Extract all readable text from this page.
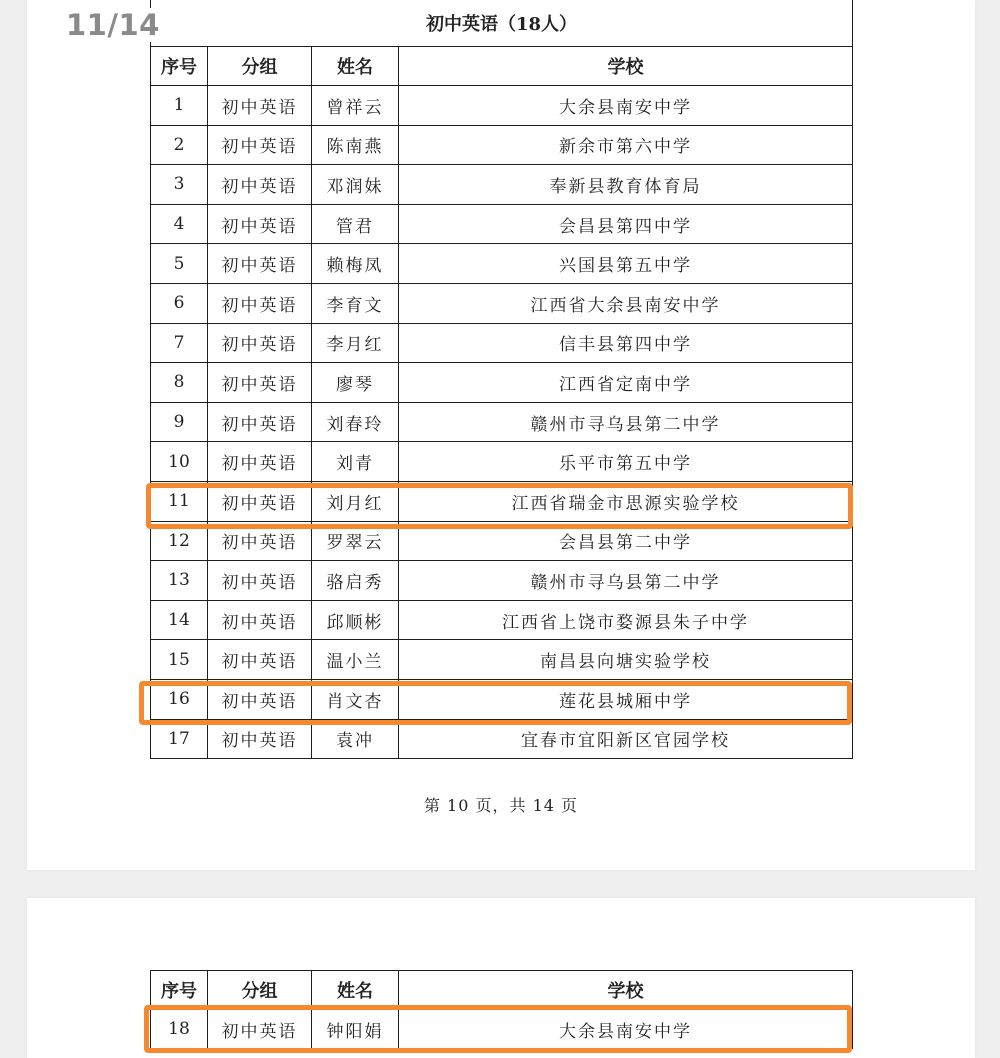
11/14	初中英语（18人）			
序号	分组	姓名	学校
1	初中英语	曾祥云	大余县南安中学
2	初中英语	陈南燕	新余市第六中学
3	初中英语	邓润妹	奉新县教育体育局
4	初中英语	管君	会昌县第四中学
5	初中英语	赖梅凤	兴国县第五中学
6	初中英语	李育文	江西省大余县南安中学
7	初中英语	李月红	信丰县第四中学
8	初中英语	廖琴	江西省定南中学
9	初中英语	刘春玲	赣州市寻乌县第二中学
10	初中英语	刘青	乐平市第五中学
11	初中英语	刘月红	江西省瑞金市思源实验学校
12	初中英语	罗翠云	会昌县第二中学
13	初中英语	骆启秀	赣州市寻乌县第二中学
14	初中英语	邱顺彬	江西省上饶市婺源县朱子中学
15	初中英语	温小兰	南昌县向塘实验学校
16	初中英语	肖文杏	莲花县城厢中学
17	初中英语	袁冲	宜春市宜阳新区官园学校
第 10 页，共 14 页
序号	分组	姓名	学校
18	初中英语	钟阳娟	大余县南安中学
